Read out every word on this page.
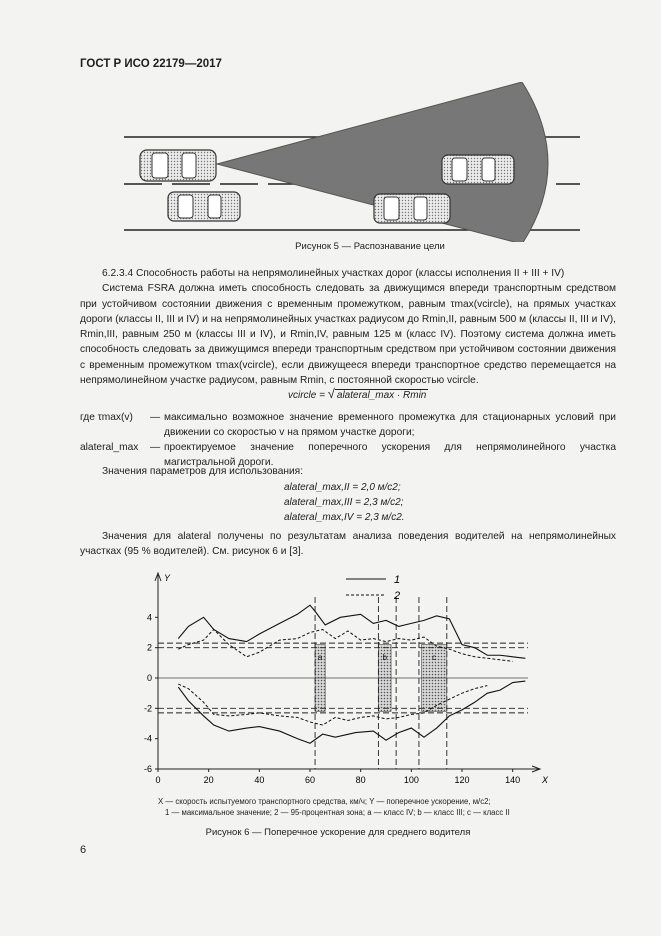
ГОСТ Р ИСО 22179—2017
Рисунок 5 — Распознавание цели

6.2.3.4 Способность работы на непрямолинейных участках дорог (классы исполнения II + III + IV)

Система FSRA должна иметь способность следовать за движущимся впереди транспортным средством при устойчивом состоянии движения с временным промежутком, равным τmax(vcircle), на прямых участках дороги (классы II, III и IV) и на непрямолинейных участках радиусом до Rmin,II, равным 500 м (классы II, III и IV), Rmin,III, равным 250 м (классы III и IV), и Rmin,IV, равным 125 м (класс IV). Поэтому система должна иметь способность следовать за движущимся впереди транспортным средством при устойчивом состоянии движения с временным промежутком τmax(vcircle), если движущееся впереди транспортное средство перемещается на непрямолинейном участке радиусом, равным Rmin, с постоянной скоростью vcircle.

vcircle = √ alateral_max · Rmin
где τmax(v)	— максимально возможное значение временного промежутка для стационарных условий при движении со скоростью v на прямом участке дороги;
alateral_max	— проектируемое значение поперечного ускорения для непрямолинейного участка магистральной дороги.
Значения параметров для использования:
alateral_max,II = 2,0 м/с2;
alateral_max,III = 2,3 м/с2;
alateral_max,IV = 2,3 м/с2.

Значения для alateral получены по результатам анализа поведения водителей на непрямолинейных участках (95 % водителей). См. рисунок 6 и [3].

a	b	c
0	20	40	60	80	100	120	140
-6
-4
-2
0
2
4
Y
X
1
2
X — скорость испытуемого транспортного средства, км/ч; Y — поперечное ускорение, м/с2;
1 — максимальное значение; 2 — 95-процентная зона; a — класс IV; b — класс III; c — класс II
Рисунок 6 — Поперечное ускорение для среднего водителя
6
